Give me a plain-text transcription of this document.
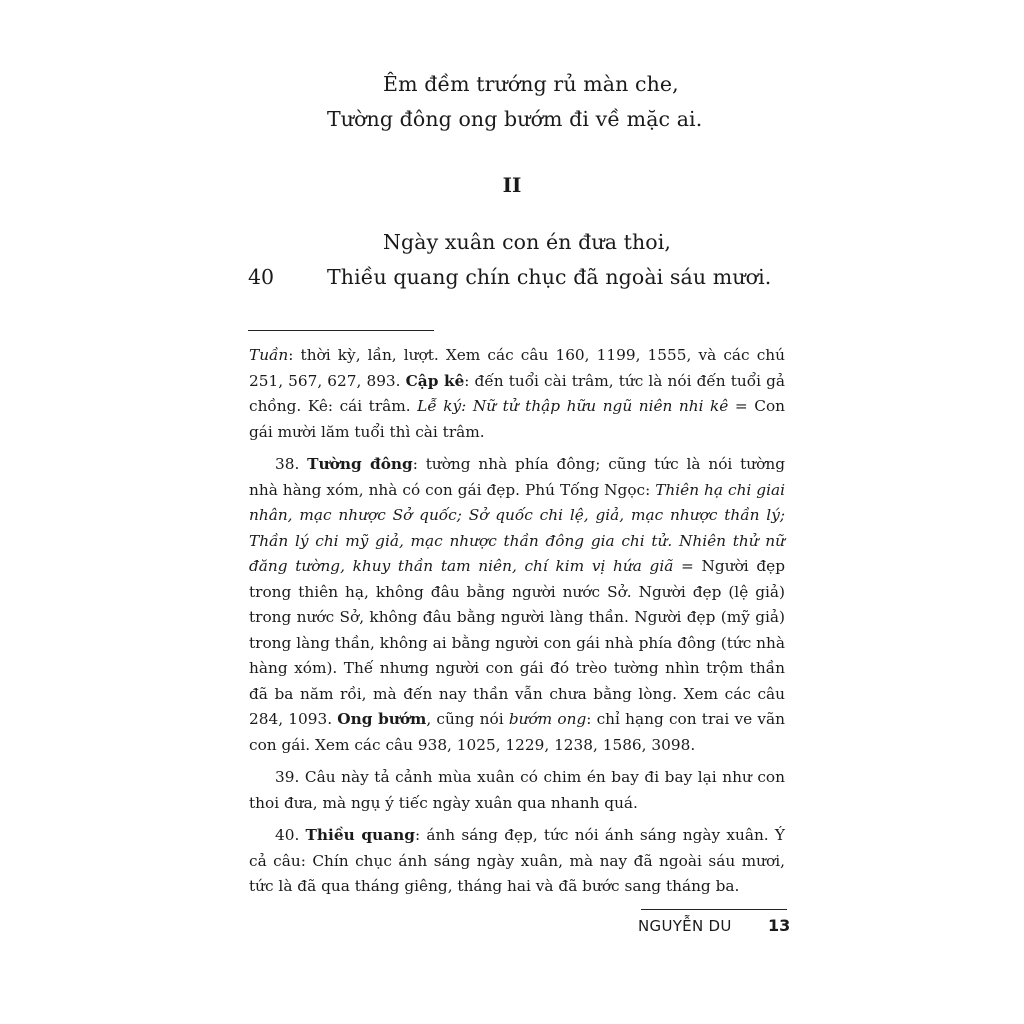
Êm đềm trướng rủ màn che,
Tường đông ong bướm đi về mặc ai.
II
Ngày xuân con én đưa thoi,
40	Thiều quang chín chục đã ngoài sáu mươi.

Tuần: thời kỳ, lần, lượt. Xem các câu 160, 1199, 1555, và các chú 251, 567, 627, 893. Cập kê: đến tuổi cài trâm, tức là nói đến tuổi gả chồng. Kê: cái trâm. Lễ ký: Nữ tử thập hữu ngũ niên nhi kê = Con gái mười lăm tuổi thì cài trâm.

38. Tường đông: tường nhà phía đông; cũng tức là nói tường nhà hàng xóm, nhà có con gái đẹp. Phú Tống Ngọc: Thiên hạ chi giai nhân, mạc nhược Sở quốc; Sở quốc chi lệ, giả, mạc nhược thần lý; Thần lý chi mỹ giả, mạc nhược thần đông gia chi tử. Nhiên thử nữ đăng tường, khuy thần tam niên, chí kim vị hứa giã = Người đẹp trong thiên hạ, không đâu bằng người nước Sở. Người đẹp (lệ giả) trong nước Sở, không đâu bằng người làng thần. Người đẹp (mỹ giả) trong làng thần, không ai bằng người con gái nhà phía đông (tức nhà hàng xóm). Thế nhưng người con gái đó trèo tường nhìn trộm thần đã ba năm rồi, mà đến nay thần vẫn chưa bằng lòng. Xem các câu 284, 1093. Ong bướm, cũng nói bướm ong: chỉ hạng con trai ve vãn con gái. Xem các câu 938, 1025, 1229, 1238, 1586, 3098.

39. Câu này tả cảnh mùa xuân có chim én bay đi bay lại như con thoi đưa, mà ngụ ý tiếc ngày xuân qua nhanh quá.

40. Thiều quang: ánh sáng đẹp, tức nói ánh sáng ngày xuân. Ý cả câu: Chín chục ánh sáng ngày xuân, mà nay đã ngoài sáu mươi, tức là đã qua tháng giêng, tháng hai và đã bước sang tháng ba.

NGUYỄN DU 13
